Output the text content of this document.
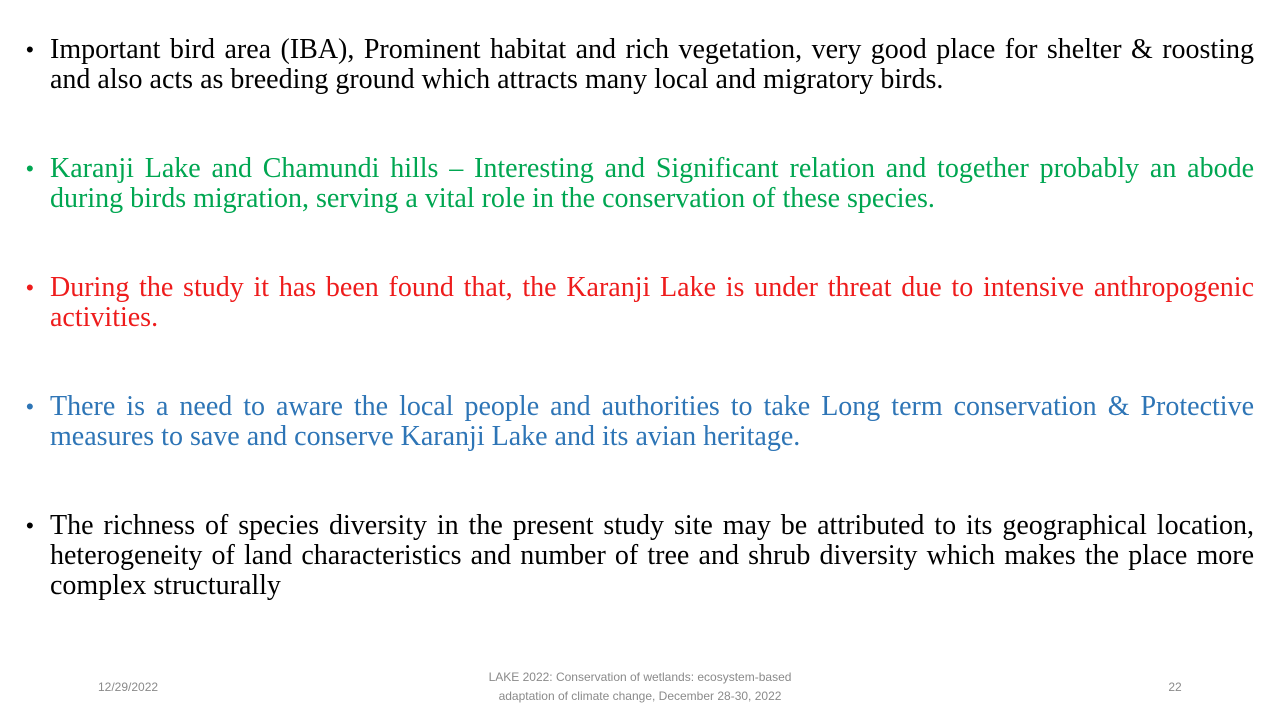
• Important bird area (IBA), Prominent habitat and rich vegetation, very good place for shelter & roosting and also acts as breeding ground which attracts many local and migratory birds.
• Karanji Lake and Chamundi hills – Interesting and Significant relation and together probably an abode during birds migration, serving a vital role in the conservation of these species.
• During the study it has been found that, the Karanji Lake is under threat due to intensive anthropogenic activities.
• There is a need to aware the local people and authorities to take Long term conservation & Protective measures to save and conserve Karanji Lake and its avian heritage.
• The richness of species diversity in the present study site may be attributed to its geographical location, heterogeneity of land characteristics and number of tree and shrub diversity which makes the place more complex structurally
12/29/2022
LAKE 2022: Conservation of wetlands: ecosystem-based
adaptation of climate change, December 28-30, 2022
22
